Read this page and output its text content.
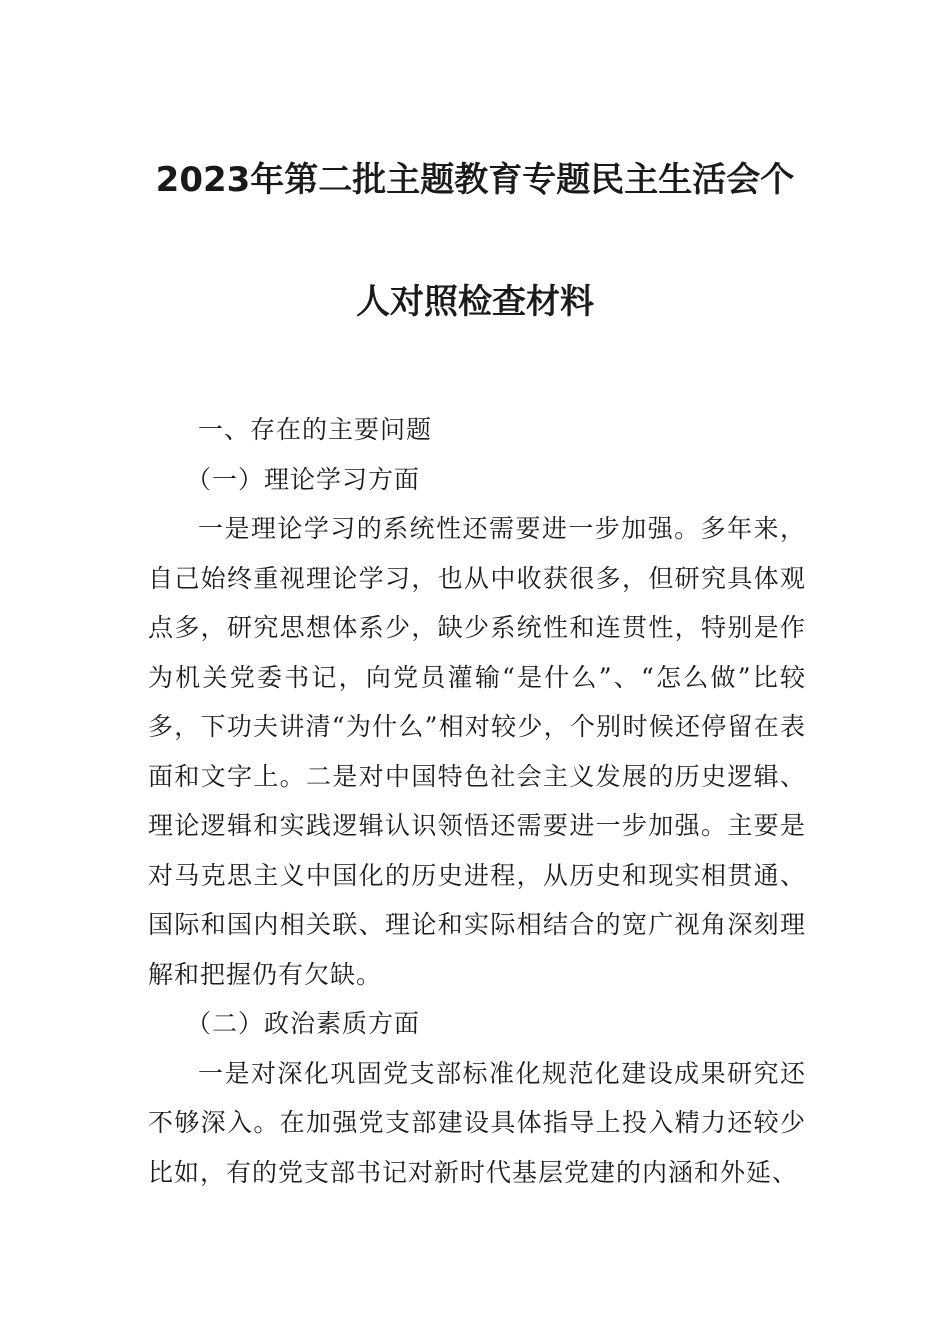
2023年第二批主题教育专题民主生活会个
人对照检查材料

一、存在的主要问题

（一）理论学习方面

一是理论学习的系统性还需要进一步加强。多年来，自己始终重视理论学习，也从中收获很多，但研究具体观点多，研究思想体系少，缺少系统性和连贯性，特别是作为机关党委书记，向党员灌输“是什么”、“怎么做”比较多，下功夫讲清“为什么”相对较少，个别时候还停留在表面和文字上。二是对中国特色社会主义发展的历史逻辑、理论逻辑和实践逻辑认识领悟还需要进一步加强。主要是对马克思主义中国化的历史进程，从历史和现实相贯通、国际和国内相关联、理论和实际相结合的宽广视角深刻理解和把握仍有欠缺。

（二）政治素质方面

一是对深化巩固党支部标准化规范化建设成果研究还不够深入。在加强党支部建设具体指导上投入精力还较少比如，有的党支部书记对新时代基层党建的内涵和外延、
